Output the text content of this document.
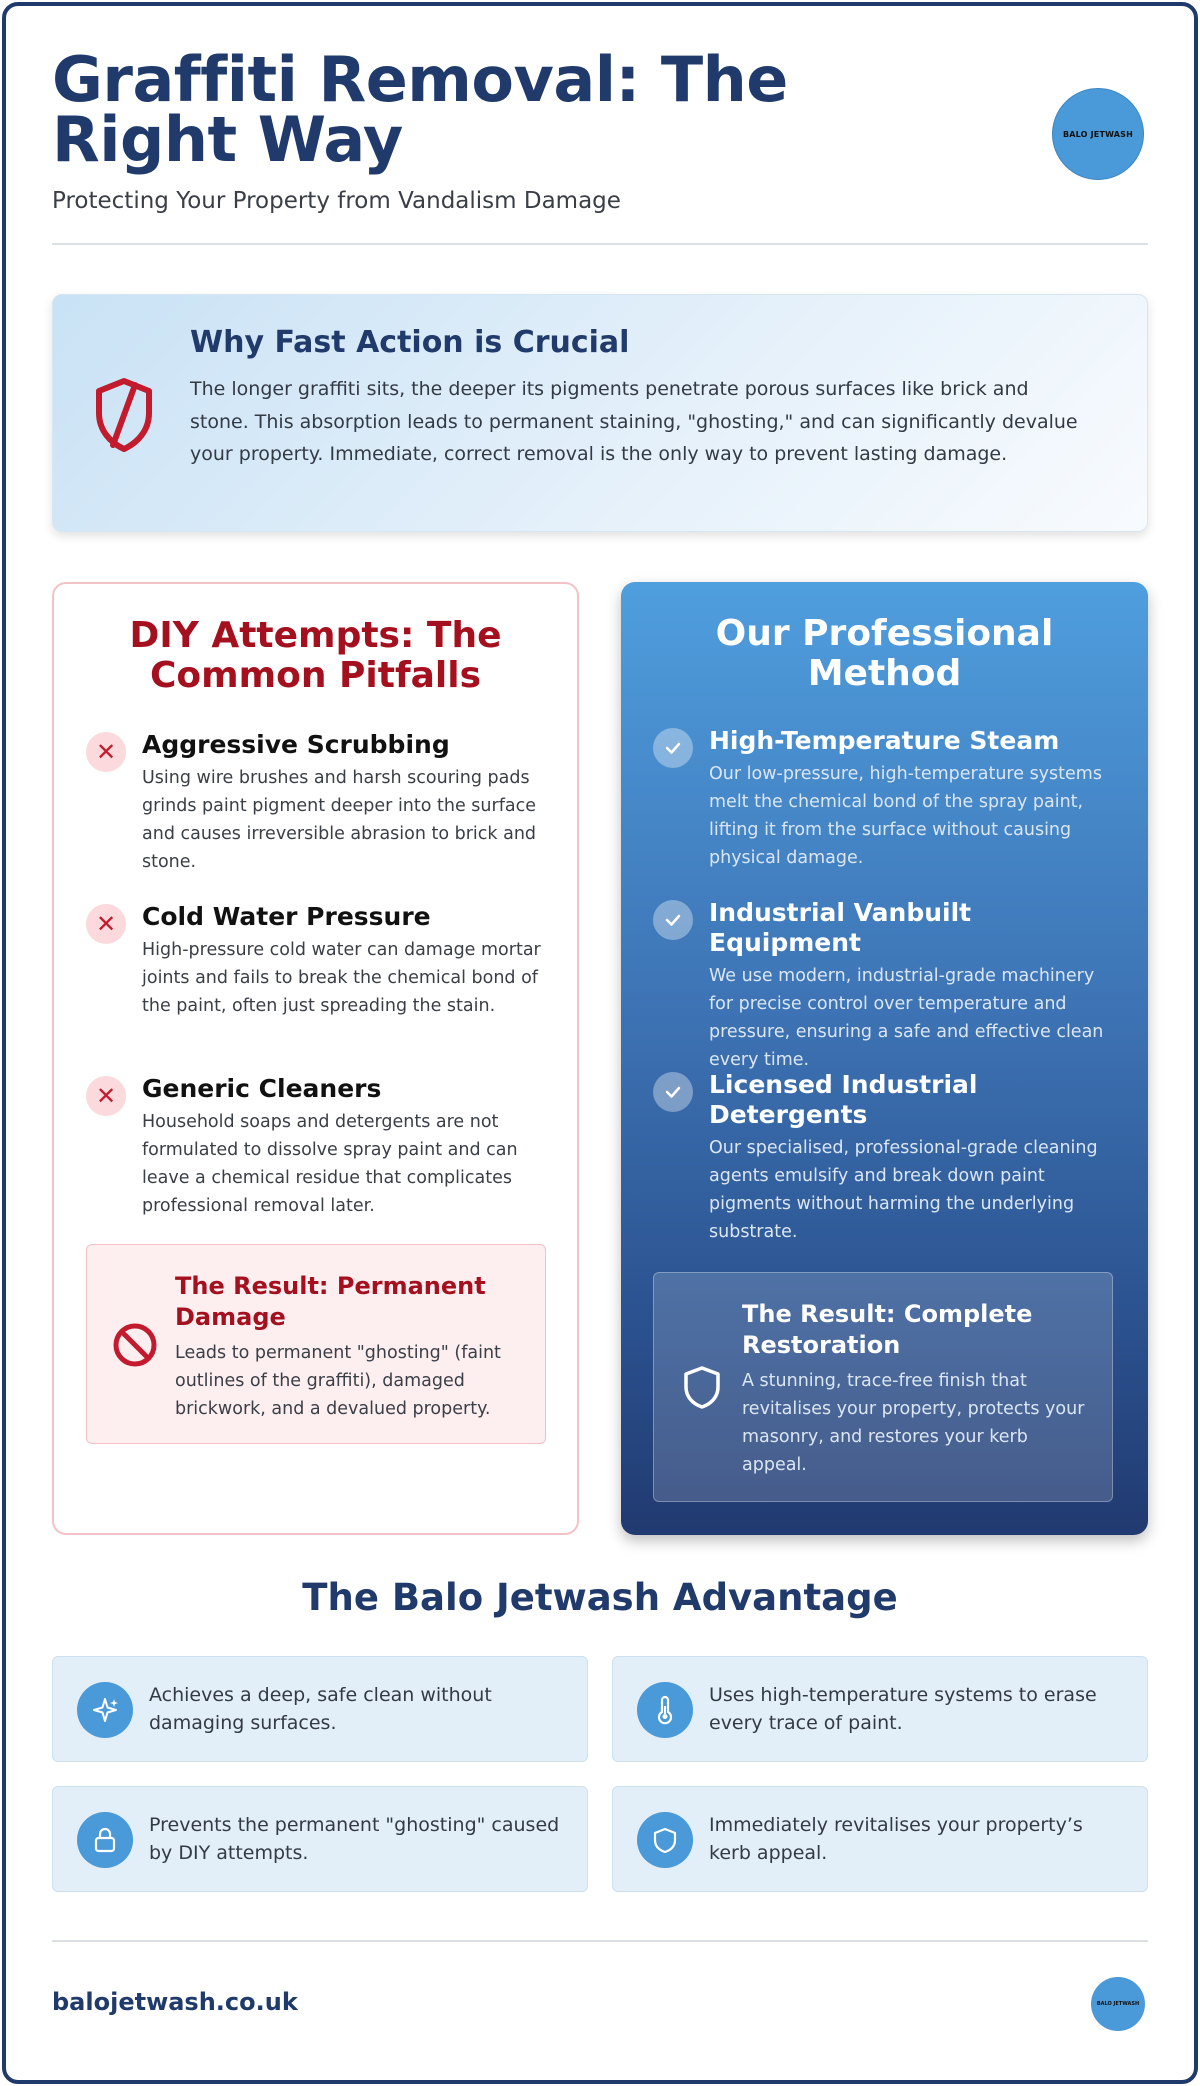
Graffiti Removal: The Right Way
Protecting Your Property from Vandalism Damage
BALO JETWASH
Why Fast Action is Crucial

The longer graffiti sits, the deeper its pigments penetrate porous surfaces like brick and stone. This absorption leads to permanent staining, "ghosting," and can significantly devalue your property. Immediate, correct removal is the only way to prevent lasting damage.

DIY Attempts: The Common Pitfalls
✕	Aggressive Scrubbing

Using wire brushes and harsh scouring pads grinds paint pigment deeper into the surface and causes irreversible abrasion to brick and stone.

✕	Cold Water Pressure

High-pressure cold water can damage mortar joints and fails to break the chemical bond of the paint, often just spreading the stain.

✕	Generic Cleaners

Household soaps and detergents are not formulated to dissolve spray paint and can leave a chemical residue that complicates professional removal later.

The Result: Permanent Damage

Leads to permanent "ghosting" (faint outlines of the graffiti), damaged brickwork, and a devalued property.

Our Professional Method
High-Temperature Steam

Our low-pressure, high-temperature systems melt the chemical bond of the spray paint, lifting it from the surface without causing physical damage.

Industrial Vanbuilt Equipment

We use modern, industrial-grade machinery for precise control over temperature and pressure, ensuring a safe and effective clean every time.

Licensed Industrial Detergents

Our specialised, professional-grade cleaning agents emulsify and break down paint pigments without harming the underlying substrate.

The Result: Complete Restoration

A stunning, trace-free finish that revitalises your property, protects your masonry, and restores your kerb appeal.

The Balo Jetwash Advantage

Achieves a deep, safe clean without damaging surfaces.

Uses high-temperature systems to erase every trace of paint.

Prevents the permanent "ghosting" caused by DIY attempts.

Immediately revitalises your property’s kerb appeal.

balojetwash.co.uk	BALO JETWASH
